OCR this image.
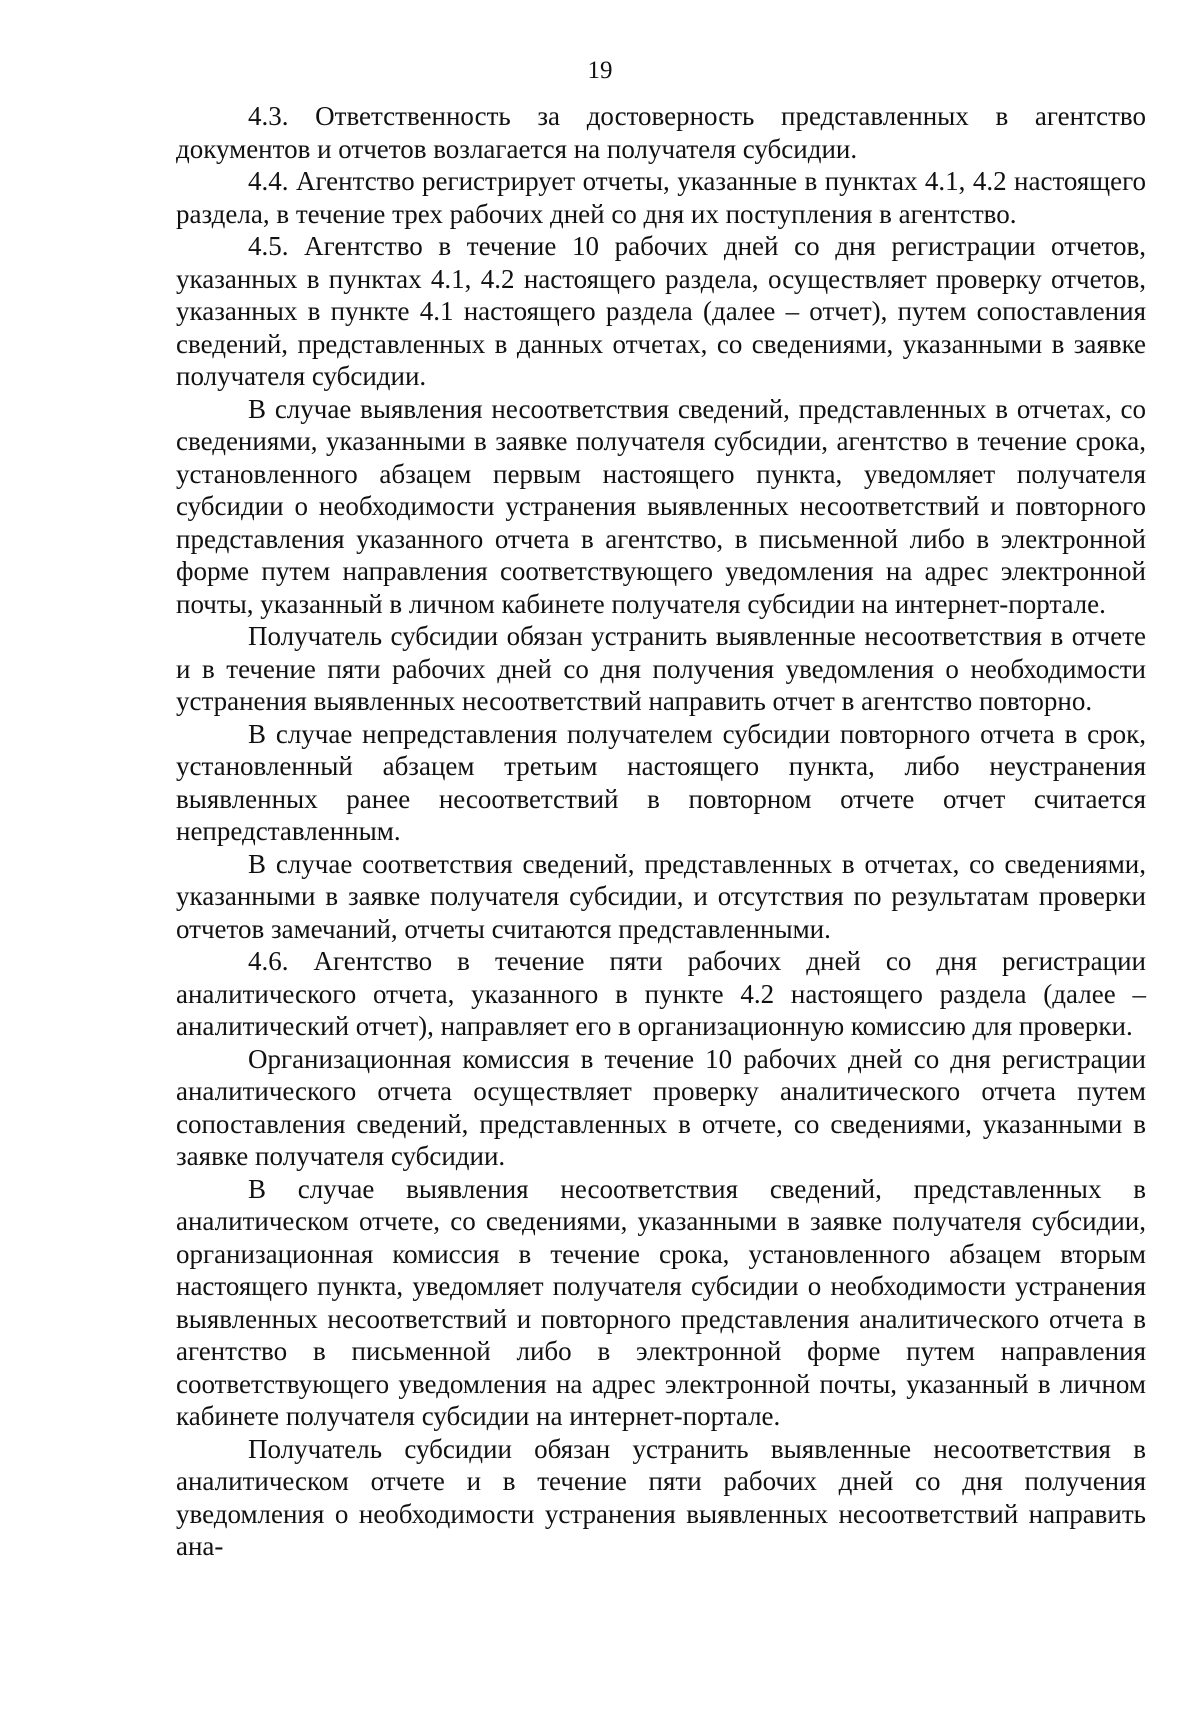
19

4.3. Ответственность за достоверность представленных в агентство документов и отчетов возлагается на получателя субсидии.

4.4. Агентство регистрирует отчеты, указанные в пунктах 4.1, 4.2 настоящего раздела, в течение трех рабочих дней со дня их поступления в агентство.

4.5. Агентство в течение 10 рабочих дней со дня регистрации отчетов, указанных в пунктах 4.1, 4.2 настоящего раздела, осуществляет проверку отчетов, указанных в пункте 4.1 настоящего раздела (далее – отчет), путем сопоставления сведений, представленных в данных отчетах, со сведениями, указанными в заявке получателя субсидии.

В случае выявления несоответствия сведений, представленных в отчетах, со сведениями, указанными в заявке получателя субсидии, агентство в течение срока, установленного абзацем первым настоящего пункта, уведомляет получателя субсидии о необходимости устранения выявленных несоответствий и повторного представления указанного отчета в агентство, в письменной либо в электронной форме путем направления соответствующего уведомления на адрес электронной почты, указанный в личном кабинете получателя субсидии на интернет-портале.

Получатель субсидии обязан устранить выявленные несоответствия в отчете и в течение пяти рабочих дней со дня получения уведомления о необходимости устранения выявленных несоответствий направить отчет в агентство повторно.

В случае непредставления получателем субсидии повторного отчета в срок, установленный абзацем третьим настоящего пункта, либо неустранения выявленных ранее несоответствий в повторном отчете отчет считается непредставленным.

В случае соответствия сведений, представленных в отчетах, со сведениями, указанными в заявке получателя субсидии, и отсутствия по результатам проверки отчетов замечаний, отчеты считаются представленными.

4.6. Агентство в течение пяти рабочих дней со дня регистрации аналитического отчета, указанного в пункте 4.2 настоящего раздела (далее – аналитический отчет), направляет его в организационную комиссию для проверки.

Организационная комиссия в течение 10 рабочих дней со дня регистрации аналитического отчета осуществляет проверку аналитического отчета путем сопоставления сведений, представленных в отчете, со сведениями, указанными в заявке получателя субсидии.

В случае выявления несоответствия сведений, представленных в аналитическом отчете, со сведениями, указанными в заявке получателя субсидии, организационная комиссия в течение срока, установленного абзацем вторым настоящего пункта, уведомляет получателя субсидии о необходимости устранения выявленных несоответствий и повторного представления аналитического отчета в агентство в письменной либо в электронной форме путем направления соответствующего уведомления на адрес электронной почты, указанный в личном кабинете получателя субсидии на интернет-портале.

Получатель субсидии обязан устранить выявленные несоответствия в аналитическом отчете и в течение пяти рабочих дней со дня получения уведомления о необходимости устранения выявленных несоответствий направить ана-
